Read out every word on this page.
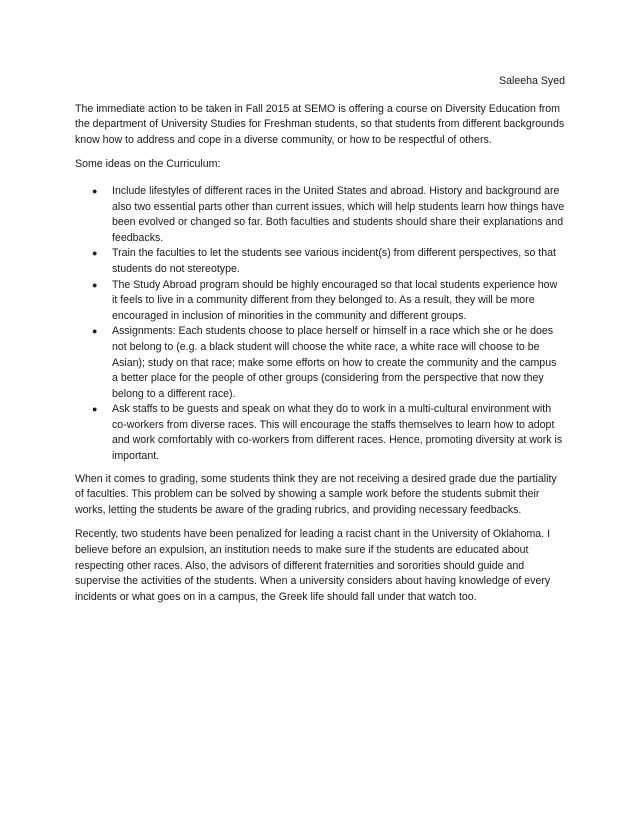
Saleeha Syed

The immediate action to be taken in Fall 2015 at SEMO is offering a course on Diversity Education from the department of University Studies for Freshman students, so that students from different backgrounds know how to address and cope in a diverse community, or how to be respectful of others.

Some ideas on the Curriculum:

● Include lifestyles of different races in the United States and abroad. History and background are also two essential parts other than current issues, which will help students learn how things have been evolved or changed so far. Both faculties and students should share their explanations and feedbacks.
● Train the faculties to let the students see various incident(s) from different perspectives, so that students do not stereotype.
● The Study Abroad program should be highly encouraged so that local students experience how it feels to live in a community different from they belonged to. As a result, they will be more encouraged in inclusion of minorities in the community and different groups.
● Assignments: Each students choose to place herself or himself in a race which she or he does not belong to (e.g. a black student will choose the white race, a white race will choose to be Asian); study on that race; make some efforts on how to create the community and the campus a better place for the people of other groups (considering from the perspective that now they belong to a different race).
● Ask staffs to be guests and speak on what they do to work in a multi-cultural environment with co-workers from diverse races. This will encourage the staffs themselves to learn how to adopt and work comfortably with co-workers from different races. Hence, promoting diversity at work is important.

When it comes to grading, some students think they are not receiving a desired grade due the partiality of faculties. This problem can be solved by showing a sample work before the students submit their works, letting the students be aware of the grading rubrics, and providing necessary feedbacks.

Recently, two students have been penalized for leading a racist chant in the University of Oklahoma. I believe before an expulsion, an institution needs to make sure if the students are educated about respecting other races. Also, the advisors of different fraternities and sororities should guide and supervise the activities of the students. When a university considers about having knowledge of every incidents or what goes on in a campus, the Greek life should fall under that watch too.
